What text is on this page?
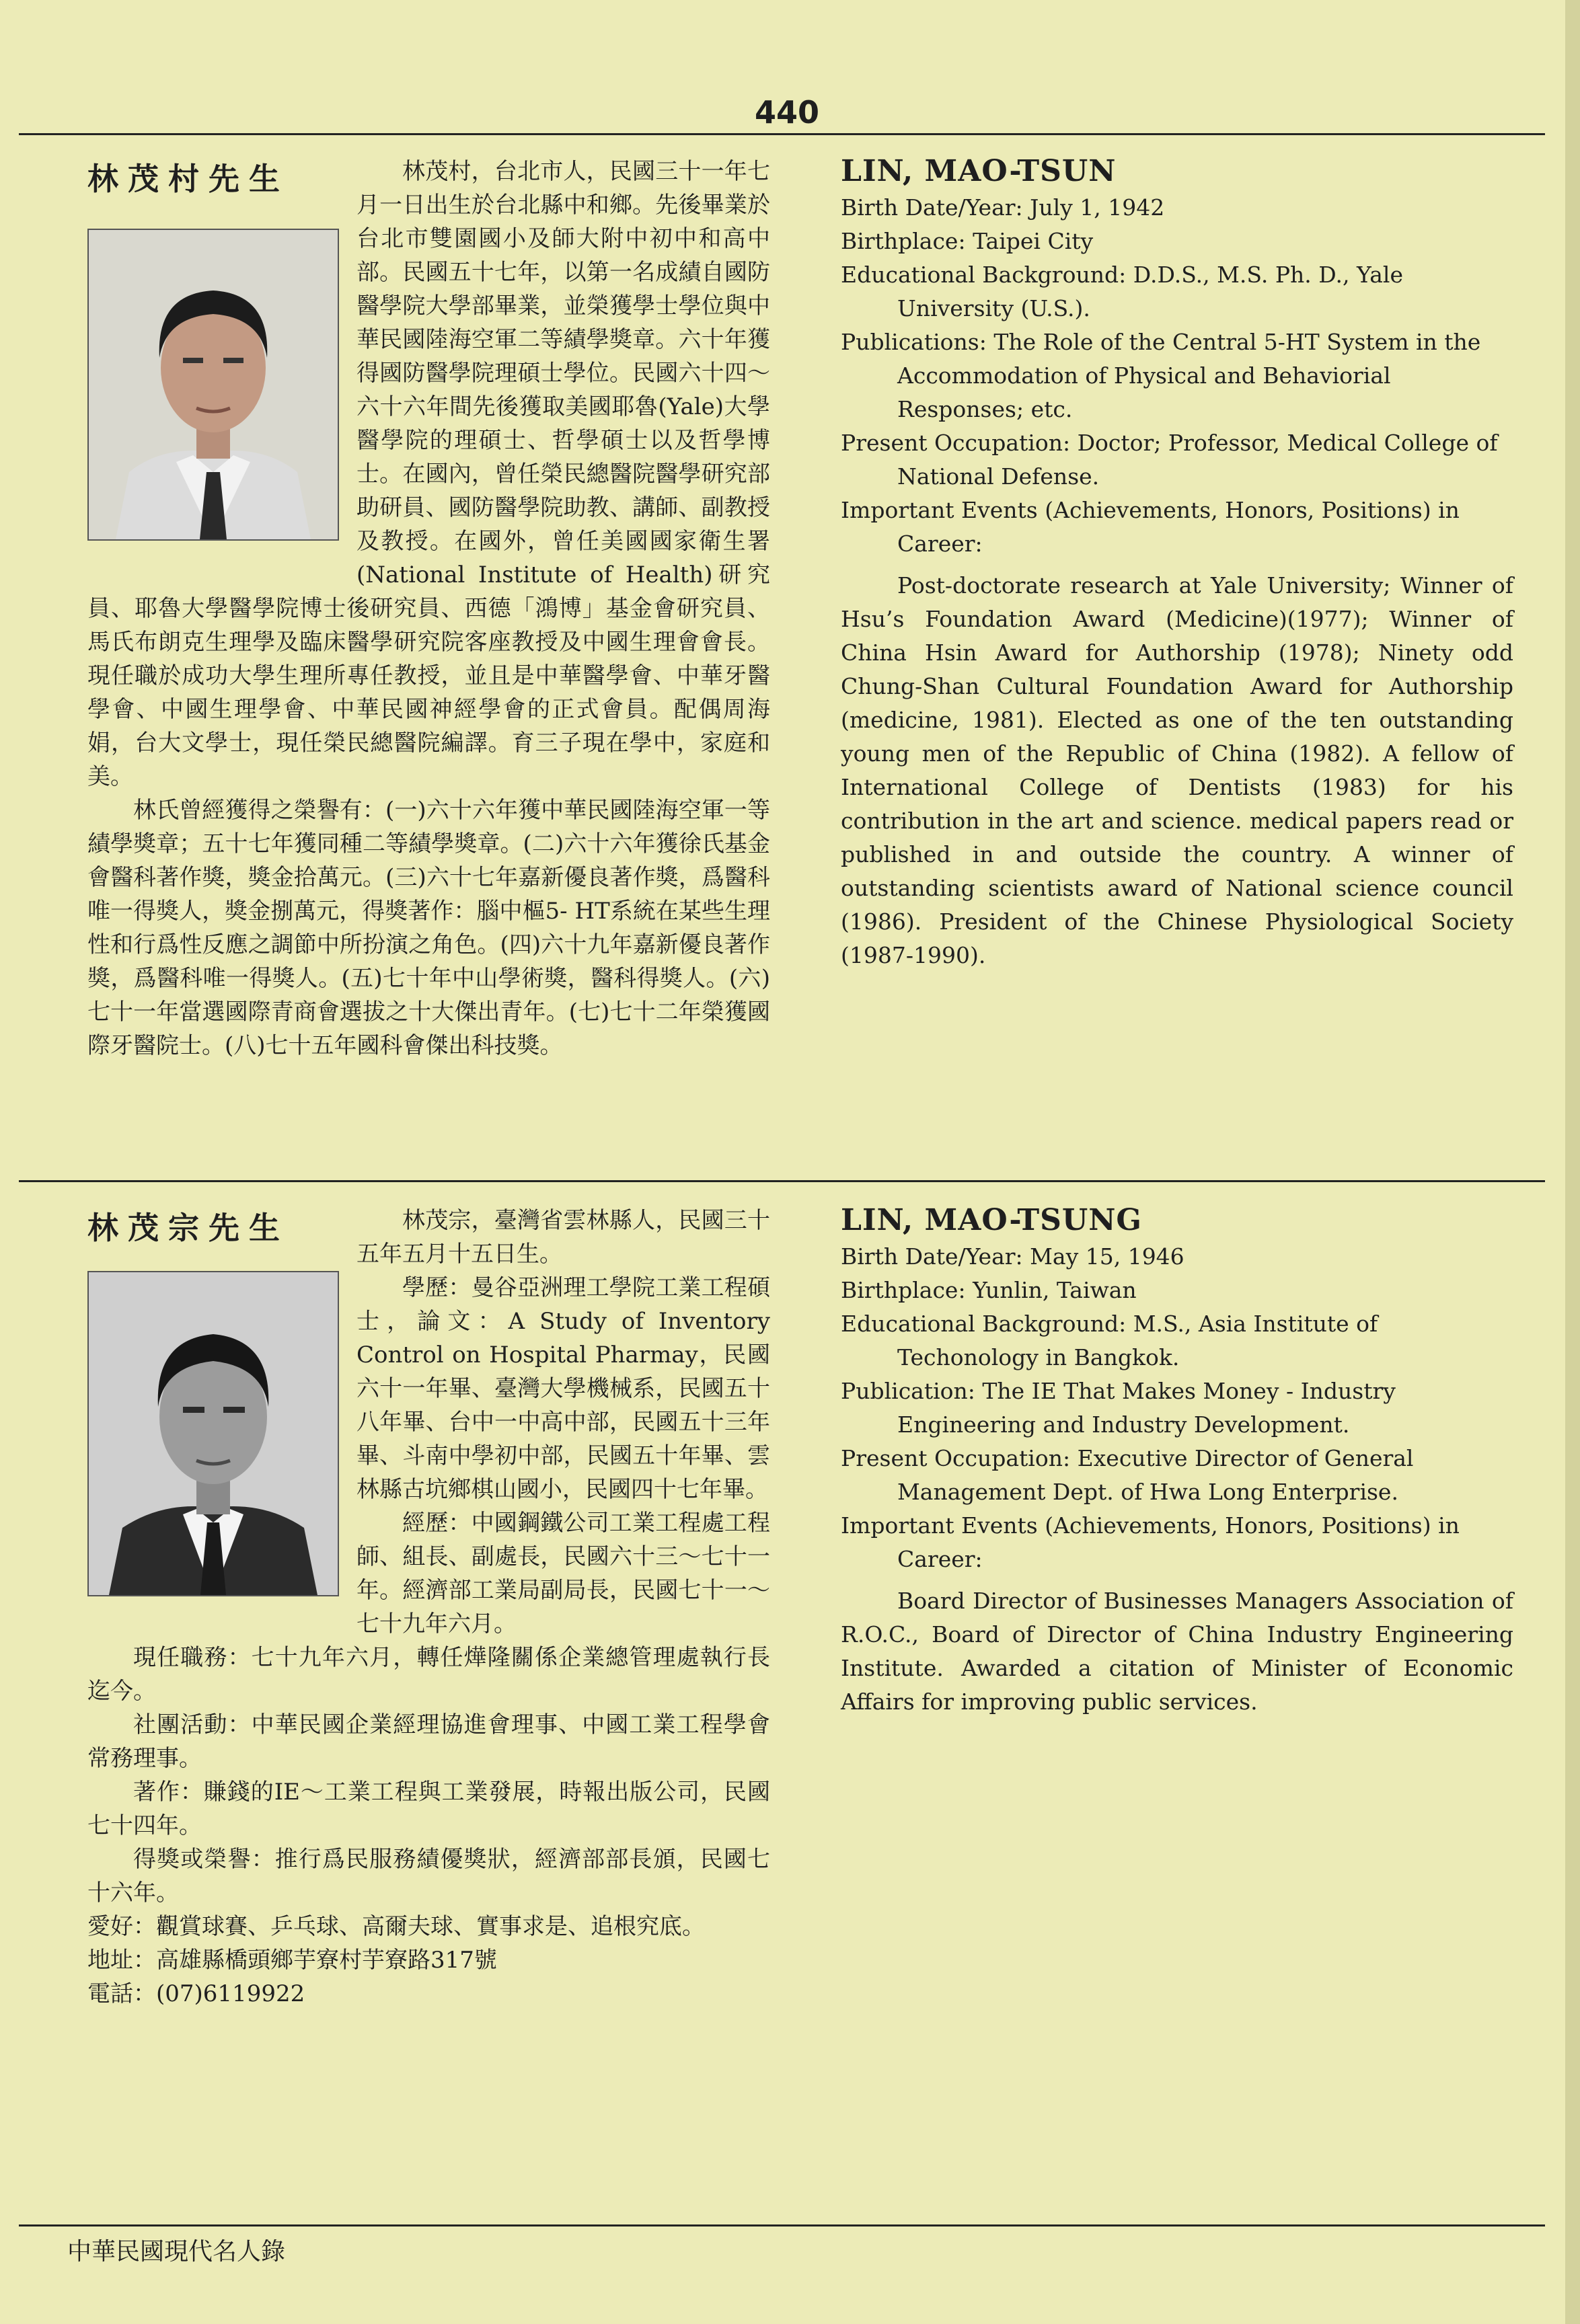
440

林茂村，台北市人，民國三十一年七月一日出生於台北縣中和鄉。先後畢業於台北市雙園國小及師大附中初中和高中部。民國五十七年，以第一名成績自國防醫學院大學部畢業，並榮獲學士學位與中華民國陸海空軍二等績學獎章。六十年獲得國防醫學院理碩士學位。民國六十四～六十六年間先後獲取美國耶魯(Yale)大學醫學院的理碩士、哲學碩士以及哲學博士。在國內，曾任榮民總醫院醫學研究部助研員、國防醫學院助教、講師、副教授及教授。在國外，曾任美國國家衛生署(National Institute of Health)研究員、耶魯大學醫學院博士後研究員、西德「鴻博」基金會研究員、馬氏布朗克生理學及臨床醫學研究院客座教授及中國生理會會長。現任職於成功大學生理所專任教授，並且是中華醫學會、中華牙醫學會、中國生理學會、中華民國神經學會的正式會員。配偶周海娟，台大文學士，現任榮民總醫院編譯。育三子現在學中，家庭和美。

林氏曾經獲得之榮譽有：(一)六十六年獲中華民國陸海空軍一等績學獎章；五十七年獲同種二等績學獎章。(二)六十六年獲徐氏基金會醫科著作獎，獎金拾萬元。(三)六十七年嘉新優良著作獎，爲醫科唯一得獎人，獎金捌萬元，得獎著作：腦中樞5- HT系統在某些生理性和行爲性反應之調節中所扮演之角色。(四)六十九年嘉新優良著作獎，爲醫科唯一得獎人。(五)七十年中山學術獎，醫科得獎人。(六)七十一年當選國際青商會選拔之十大傑出青年。(七)七十二年榮獲國際牙醫院士。(八)七十五年國科會傑出科技獎。

林茂村先生	LIN, MAO-TSUN

Birth Date/Year: July 1, 1942

Birthplace: Taipei City

Educational Background: D.D.S., M.S. Ph. D., Yale University (U.S.).

Publications: The Role of the Central 5-HT System in the Accommodation of Physical and Behaviorial Responses; etc.

Present Occupation: Doctor; Professor, Medical College of National Defense.

Important Events (Achievements, Honors, Positions) in Career:

Post-doctorate research at Yale University; Winner of Hsu’s Foundation Award (Medicine)(1977); Winner of China Hsin Award for Authorship (1978); Ninety odd Chung-Shan Cultural Foundation Award for Authorship (medicine, 1981). Elected as one of the ten outstanding young men of the Republic of China (1982). A fellow of International College of Dentists (1983) for his contribution in the art and science. medical papers read or published in and outside the country. A winner of outstanding scientists award of National science council (1986). President of the Chinese Physiological Society (1987-1990).

林茂宗，臺灣省雲林縣人，民國三十五年五月十五日生。

學歷：曼谷亞洲理工學院工業工程碩士，論文：A Study of Inventory Control on Hospital Pharmay，民國六十一年畢、臺灣大學機械系，民國五十八年畢、台中一中高中部，民國五十三年畢、斗南中學初中部，民國五十年畢、雲林縣古坑鄉棋山國小，民國四十七年畢。

經歷：中國鋼鐵公司工業工程處工程師、組長、副處長，民國六十三～七十一年。經濟部工業局副局長，民國七十一～七十九年六月。

現任職務：七十九年六月，轉任燁隆關係企業總管理處執行長迄今。

社團活動：中華民國企業經理協進會理事、中國工業工程學會常務理事。

著作：賺錢的IE～工業工程與工業發展，時報出版公司，民國七十四年。

得獎或榮譽：推行爲民服務績優獎狀，經濟部部長頒，民國七十六年。

愛好：觀賞球賽、乒乓球、高爾夫球、實事求是、追根究底。

地址：高雄縣橋頭鄉芋寮村芋寮路317號

電話：(07)6119922

林茂宗先生	LIN, MAO-TSUNG

Birth Date/Year: May 15, 1946

Birthplace: Yunlin, Taiwan

Educational Background: M.S., Asia Institute of Techonology in Bangkok.

Publication: The IE That Makes Money - Industry Engineering and Industry Development.

Present Occupation: Executive Director of General Management Dept. of Hwa Long Enterprise.

Important Events (Achievements, Honors, Positions) in Career:

Board Director of Businesses Managers Association of R.O.C., Board of Director of China Industry Engineering Institute. Awarded a citation of Minister of Economic Affairs for improving public services.

中華民國現代名人錄
